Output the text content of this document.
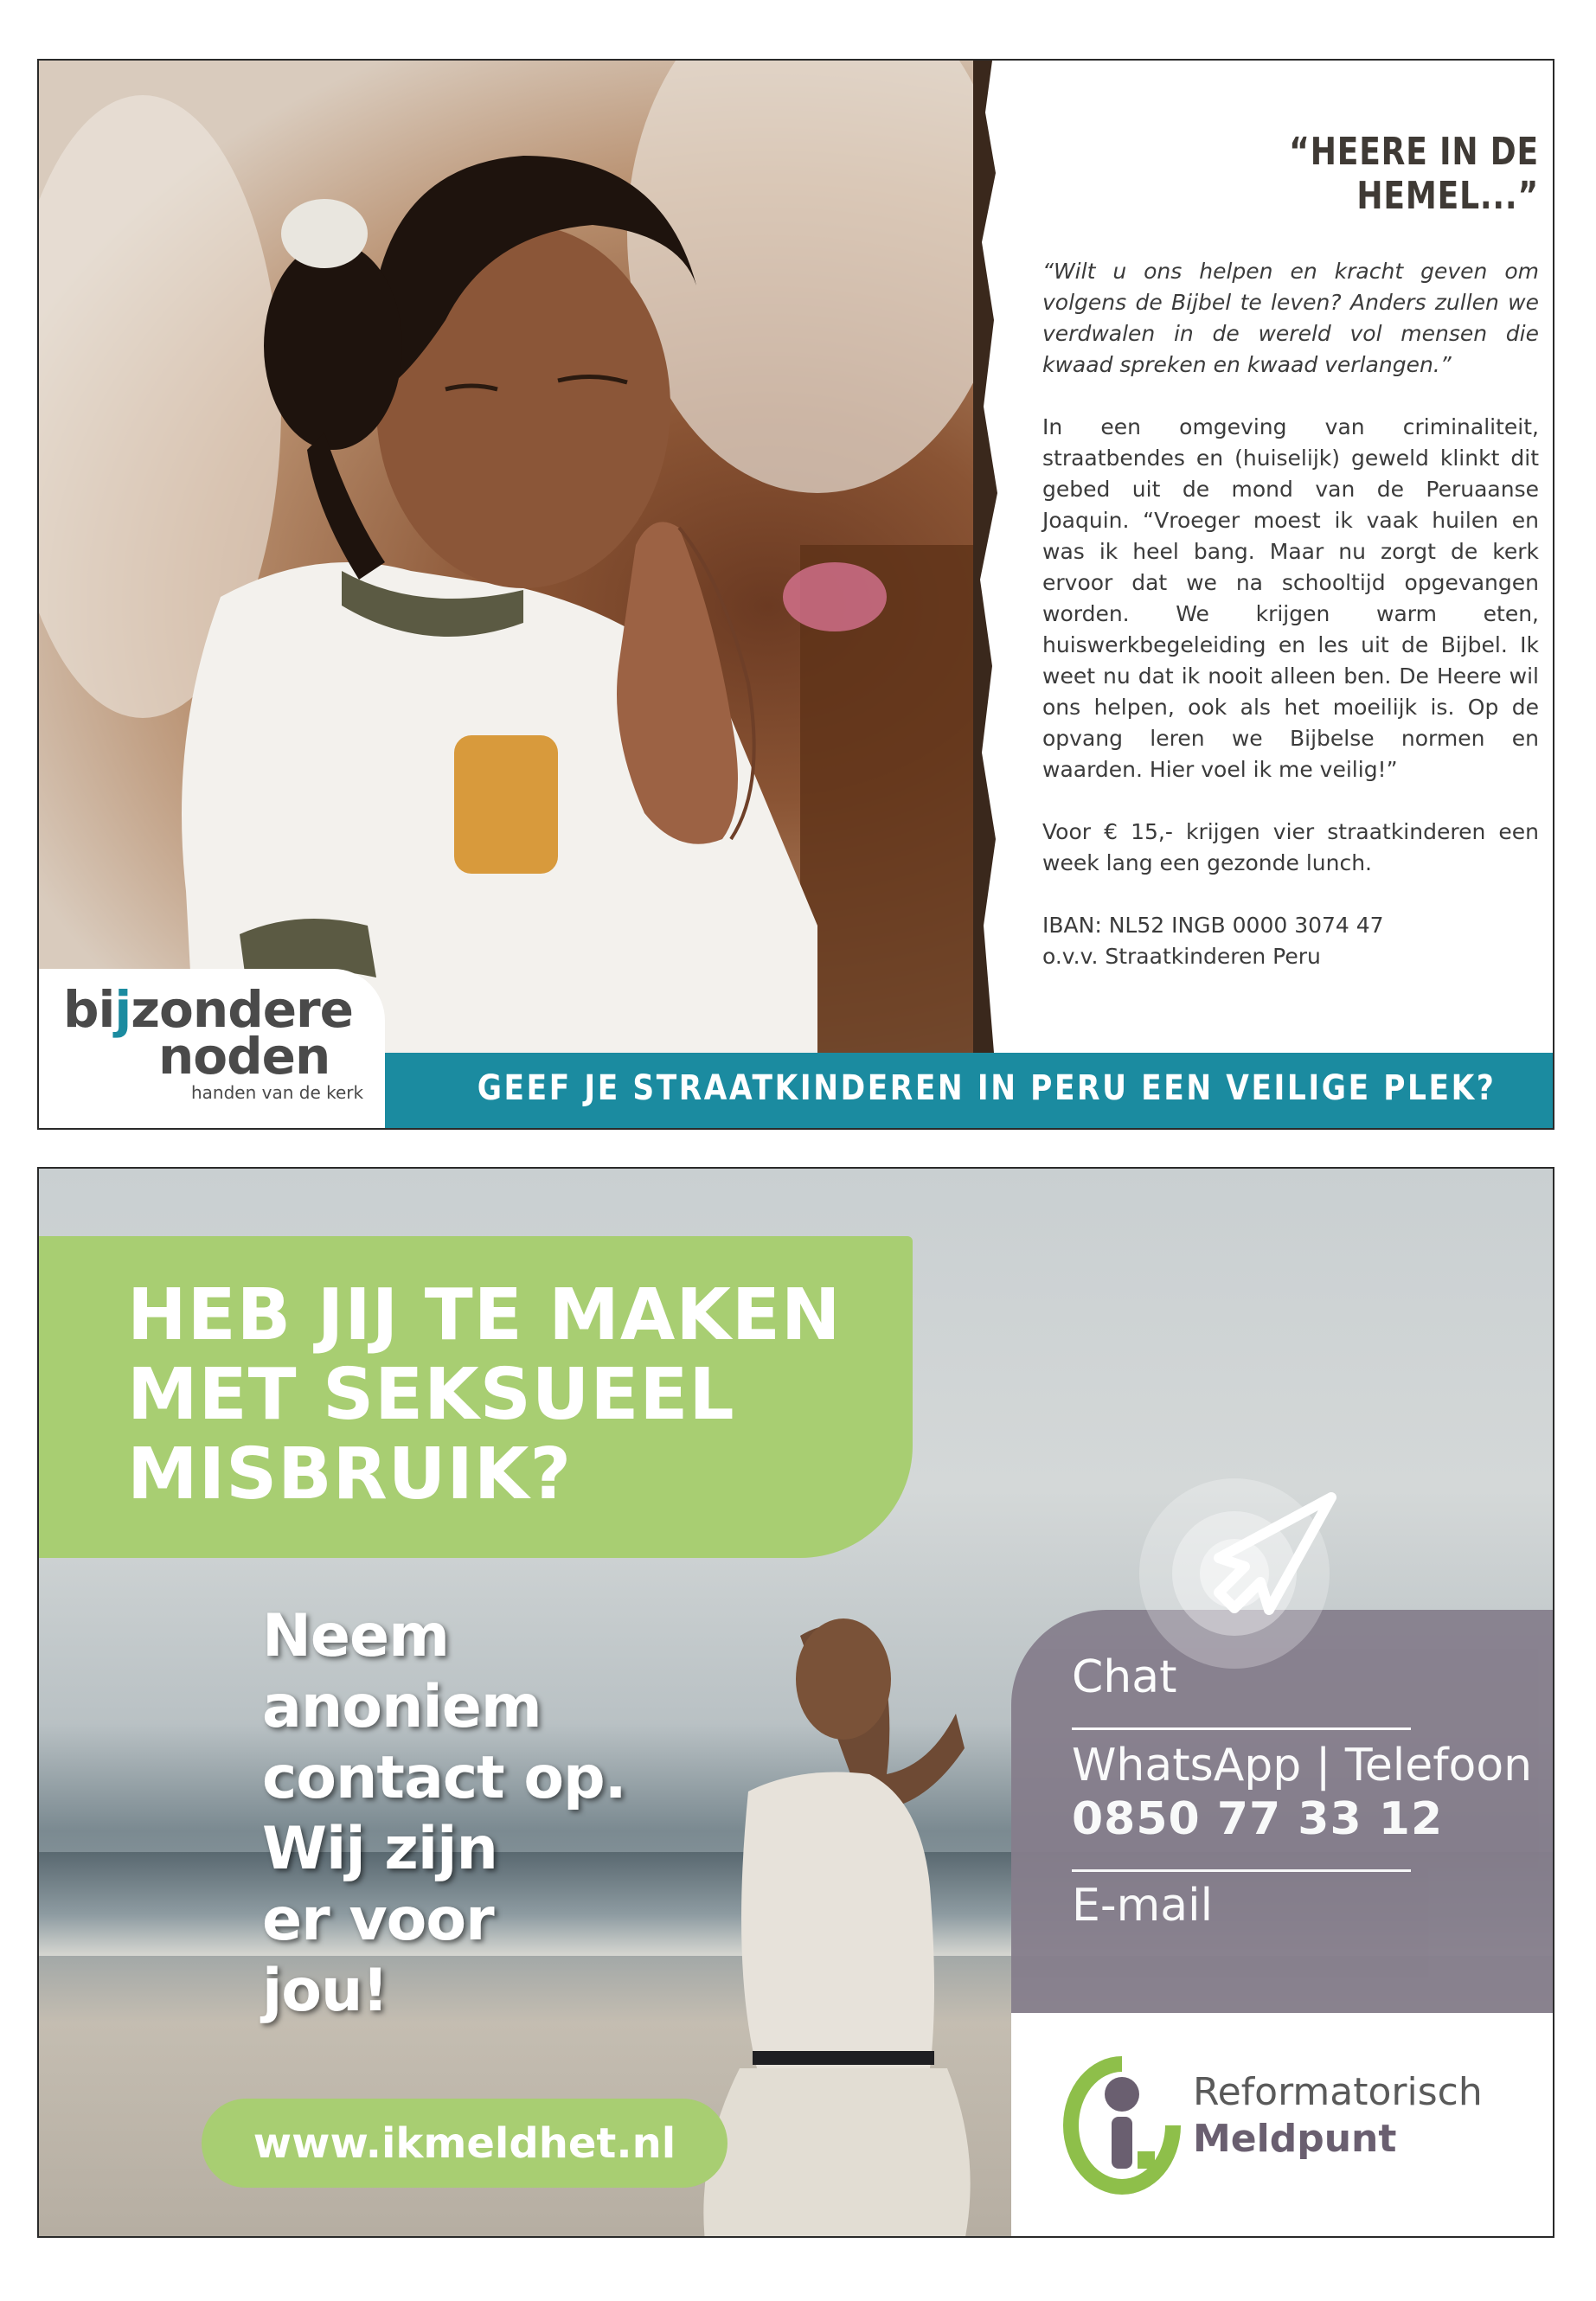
“HEERE IN DE HEMEL...”

“Wilt u ons helpen en kracht geven om volgens de Bijbel te leven? Anders zullen we verdwalen in de wereld vol mensen die kwaad spreken en kwaad verlangen.”

In een omgeving van criminaliteit, straatbendes en (huiselijk) geweld klinkt dit gebed uit de mond van de Peruaanse Joaquin. “Vroeger moest ik vaak huilen en was ik heel bang. Maar nu zorgt de kerk ervoor dat we na schooltijd opgevangen worden. We krijgen warm eten, huiswerkbegeleiding en les uit de Bijbel. Ik weet nu dat ik nooit alleen ben. De Heere wil ons helpen, ook als het moeilijk is. Op de opvang leren we Bijbelse normen en waarden. Hier voel ik me veilig!”

Voor € 15,- krijgen vier straatkinderen een week lang een gezonde lunch.

IBAN: NL52 INGB 0000 3074 47
o.v.v. Straatkinderen Peru

GEEF JE STRAATKINDEREN IN PERU EEN VEILIGE PLEK?
bijzondere
noden
handen van de kerk
HEB JIJ TE MAKEN
MET SEKSUEEL
MISBRUIK?
Neem
anoniem
contact op.
Wij zijn
er voor
jou!
www.ikmeldhet.nl
Chat
WhatsApp | Telefoon
0850 77 33 12
E-mail
Reformatorisch
Meldpunt
